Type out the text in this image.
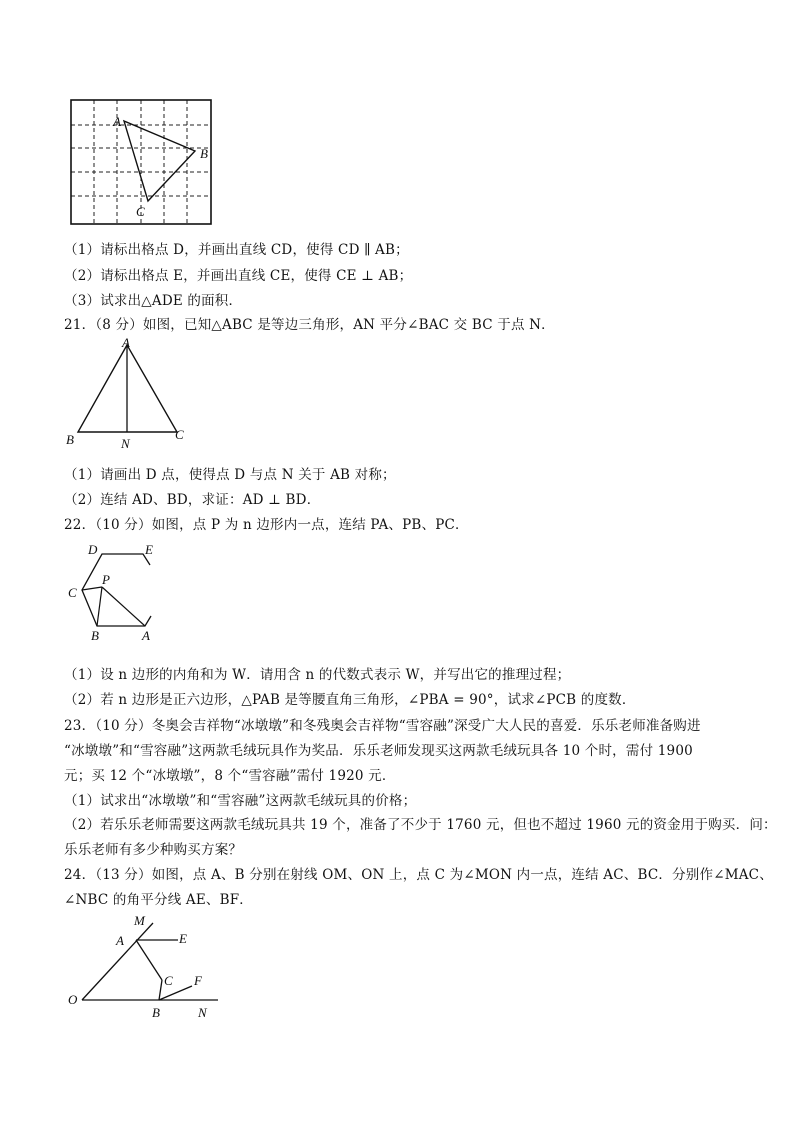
A
B
C
（1）请标出格点 D，并画出直线 CD，使得 CD ∥ AB；
（2）请标出格点 E，并画出直线 CE，使得 CE ⊥ AB；
（3）试求出△ADE 的面积．
21．（8 分）如图，已知△ABC 是等边三角形，AN 平分∠BAC 交 BC 于点 N．
A
B	C
N
（1）请画出 D 点，使得点 D 与点 N 关于 AB 对称；
（2）连结 AD、BD，求证：AD ⊥ BD．
22．（10 分）如图，点 P 为 n 边形内一点，连结 PA、PB、PC．
D	E
C
P
B	A
（1）设 n 边形的内角和为 W．请用含 n 的代数式表示 W，并写出它的推理过程；
（2）若 n 边形是正六边形，△PAB 是等腰直角三角形，∠PBA = 90°，试求∠PCB 的度数．
23．（10 分）冬奥会吉祥物“冰墩墩”和冬残奥会吉祥物“雪容融”深受广大人民的喜爱．乐乐老师准备购进
“冰墩墩”和“雪容融”这两款毛绒玩具作为奖品．乐乐老师发现买这两款毛绒玩具各 10 个时，需付 1900
元；买 12 个“冰墩墩”，8 个“雪容融”需付 1920 元．
（1）试求出“冰墩墩”和“雪容融”这两款毛绒玩具的价格；
（2）若乐乐老师需要这两款毛绒玩具共 19 个，准备了不少于 1760 元，但也不超过 1960 元的资金用于购买．问：
乐乐老师有多少种购买方案？
24．（13 分）如图，点 A、B 分别在射线 OM、ON 上，点 C 为∠MON 内一点，连结 AC、BC．分别作∠MAC、
∠NBC 的角平分线 AE、BF．
M
A	E
C F
O
B	N
